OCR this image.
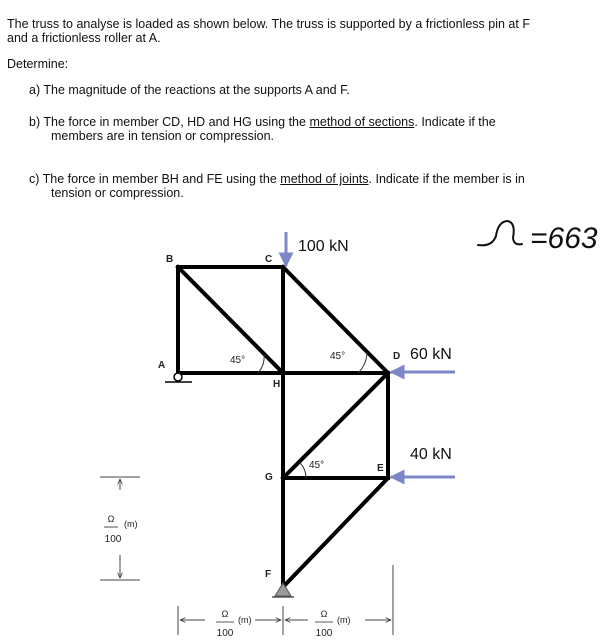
The truss to analyse is loaded as shown below. The truss is supported by a frictionless pin at F
and a frictionless roller at A.
Determine:
a) The magnitude of the reactions at the supports A and F.
b) The force in member CD, HD and HG using the method of sections. Indicate if the
members are in tension or compression.
c) The force in member BH and FE using the method of joints. Indicate if the member is in
tension or compression.
=663
100 kN
60 kN
40 kN
B	C
A
D
H
E
G
F
45°	45°
45°
Ω
100
(m)
Ω
100
(m)
Ω
100
(m)
